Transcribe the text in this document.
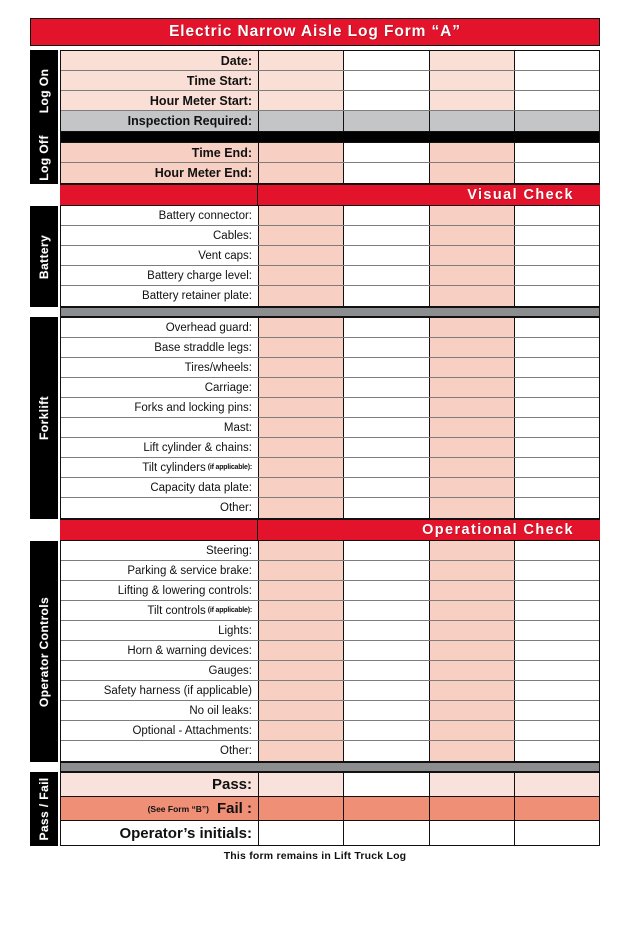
Electric Narrow Aisle Log Form “A”
Log On
Date:
Time Start:
Hour Meter Start:
Inspection Required:
Log Off	Time End:
Hour Meter End:
Visual Check
Battery
Battery connector:
Cables:
Vent caps:
Battery charge level:
Battery retainer plate:
Forklift
Overhead guard:
Base straddle legs:
Tires/wheels:
Carriage:
Forks and locking pins:
Mast:
Lift cylinder & chains:
Tilt cylinders (if applicable):
Capacity data plate:
Other:
Operational Check
Operator Controls
Steering:
Parking & service brake:
Lifting & lowering controls:
Tilt controls (if applicable):
Lights:
Horn & warning devices:
Gauges:
Safety harness (if applicable)
No oil leaks:
Optional - Attachments:
Other:
Pass / Fail	Pass:
(See Form “B”) Fail :
Operator’s initials:
This form remains in Lift Truck Log
